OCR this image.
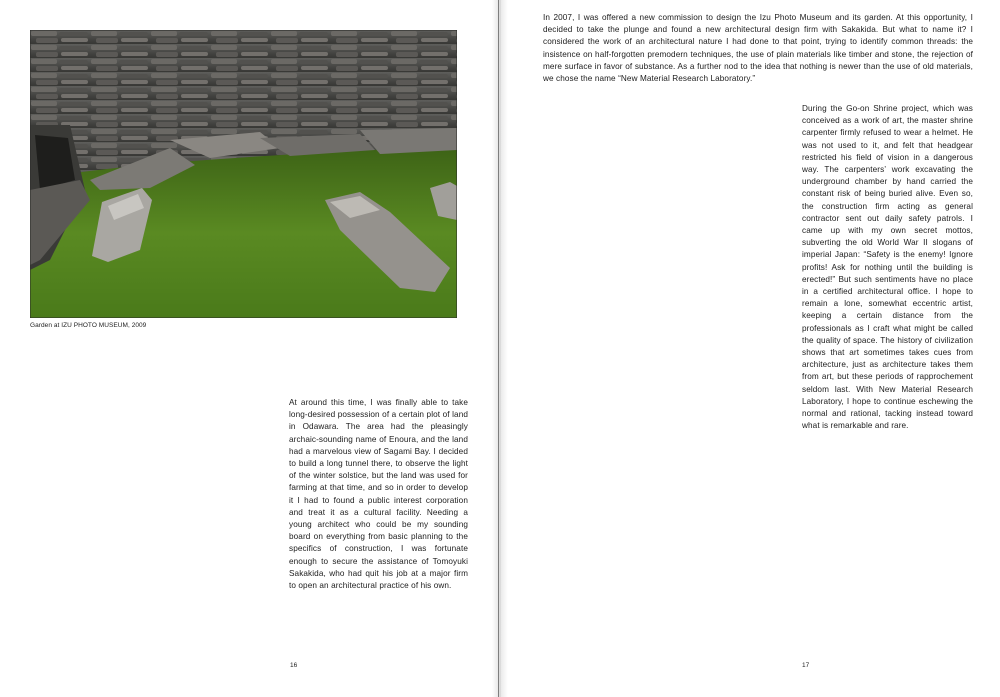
Garden at IZU PHOTO MUSEUM, 2009

At around this time, I was finally able to take long-desired possession of a certain plot of land in Odawara. The area had the pleasingly archaic-sounding name of Enoura, and the land had a marvelous view of Sagami Bay. I decided to build a long tunnel there, to observe the light of the winter solstice, but the land was used for farming at that time, and so in order to develop it I had to found a public interest corporation and treat it as a cultural facility. Needing a young architect who could be my sounding board on everything from basic planning to the specifics of construction, I was fortunate enough to secure the assistance of Tomoyuki Sakakida, who had quit his job at a major firm to open an architectural practice of his own.

16

In 2007, I was offered a new commission to design the Izu Photo Museum and its garden. At this opportunity, I decided to take the plunge and found a new architectural design firm with Sakakida. But what to name it? I considered the work of an architectural nature I had done to that point, trying to identify common threads: the insistence on half-forgotten premodern techniques, the use of plain materials like timber and stone, the rejection of mere surface in favor of substance. As a further nod to the idea that nothing is newer than the use of old materials, we chose the name “New Material Research Laboratory.”

During the Go-on Shrine project, which was conceived as a work of art, the master shrine carpenter firmly refused to wear a helmet. He was not used to it, and felt that headgear restricted his field of vision in a dangerous way. The carpenters’ work excavating the underground chamber by hand carried the constant risk of being buried alive. Even so, the construction firm acting as general contractor sent out daily safety patrols. I came up with my own secret mottos, subverting the old World War II slogans of imperial Japan: “Safety is the enemy! Ignore profits! Ask for nothing until the building is erected!” But such sentiments have no place in a certified architectural office. I hope to remain a lone, somewhat eccentric artist, keeping a certain distance from the professionals as I craft what might be called the quality of space. The history of civilization shows that art sometimes takes cues from architecture, just as architecture takes them from art, but these periods of rapprochement seldom last. With New Material Research Laboratory, I hope to continue eschewing the normal and rational, tacking instead toward what is remarkable and rare.

17
